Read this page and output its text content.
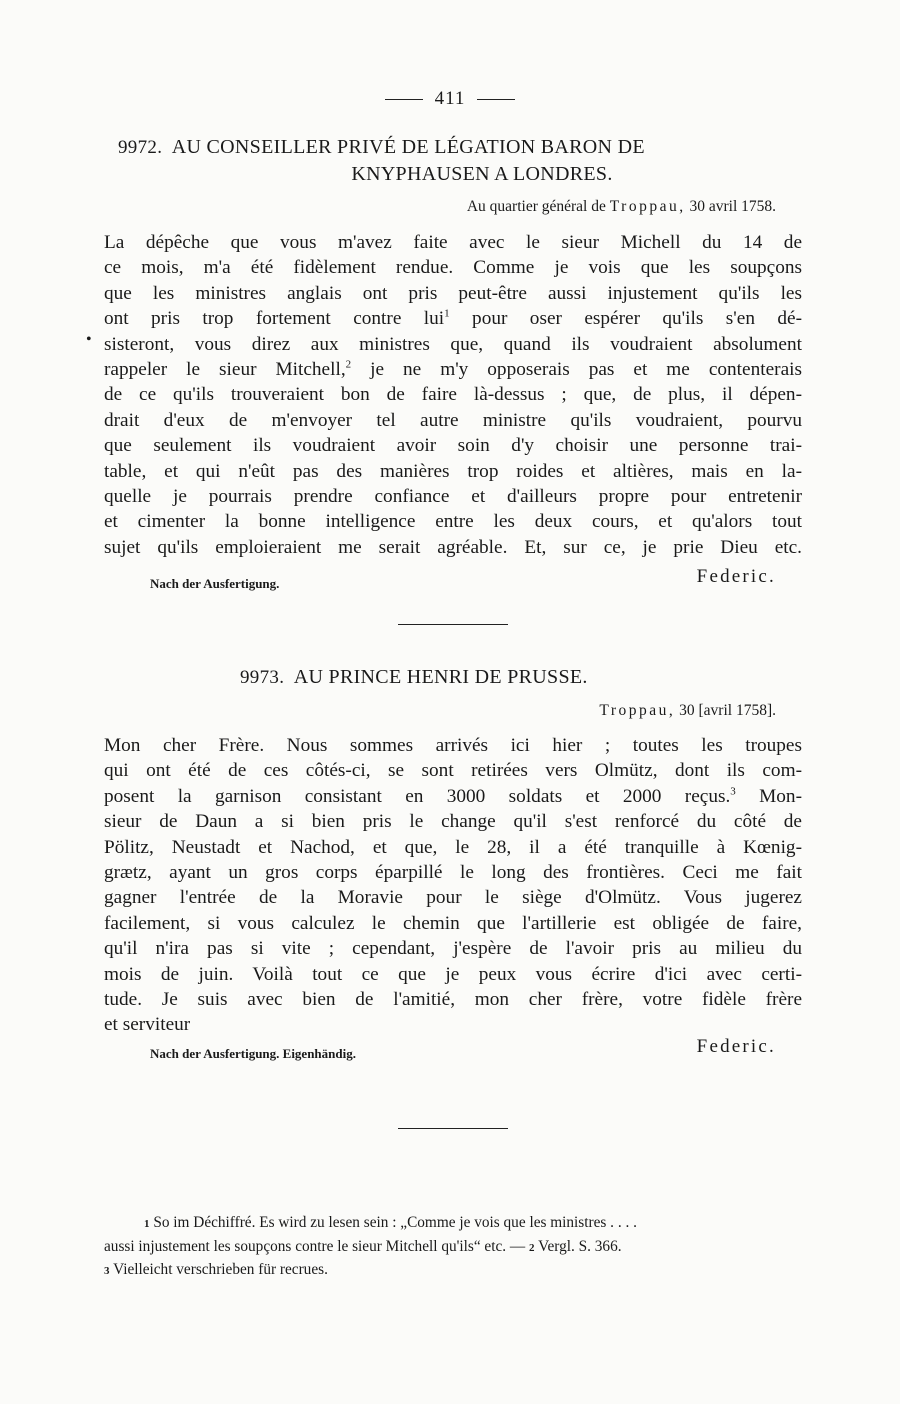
411
9972. AU CONSEILLER PRIVÉ DE LÉGATION BARON DE
KNYPHAUSEN A LONDRES.
Au quartier général de Troppau, 30 avril 1758.
•
La dépêche que vous m'avez faite avec le sieur Michell du 14 de
ce mois, m'a été fidèlement rendue. Comme je vois que les soupçons
que les ministres anglais ont pris peut-être aussi injustement qu'ils les
ont pris trop fortement contre lui$^1$ pour oser espérer qu'ils s'en dé-
sisteront, vous direz aux ministres que, quand ils voudraient absolument
rappeler le sieur Mitchell,$^2$ je ne m'y opposerais pas et me contenterais
de ce qu'ils trouveraient bon de faire là-dessus ; que, de plus, il dépen-
drait d'eux de m'envoyer tel autre ministre qu'ils voudraient, pourvu
que seulement ils voudraient avoir soin d'y choisir une personne trai-
table, et qui n'eût pas des manières trop roides et altières, mais en la-
quelle je pourrais prendre confiance et d'ailleurs propre pour entretenir
et cimenter la bonne intelligence entre les deux cours, et qu'alors tout
sujet qu'ils emploieraient me serait agréable. Et, sur ce, je prie Dieu etc.
Nach der Ausfertigung.	Federic.
9973. AU PRINCE HENRI DE PRUSSE.
Troppau, 30 [avril 1758].
Mon cher Frère. Nous sommes arrivés ici hier ; toutes les troupes
qui ont été de ces côtés-ci, se sont retirées vers Olmütz, dont ils com-
posent la garnison consistant en 3000 soldats et 2000 reçus.$^3$ Mon-
sieur de Daun a si bien pris le change qu'il s'est renforcé du côté de
Pölitz, Neustadt et Nachod, et que, le 28, il a été tranquille à Kœnig-
grætz, ayant un gros corps éparpillé le long des frontières. Ceci me fait
gagner l'entrée de la Moravie pour le siège d'Olmütz. Vous jugerez
facilement, si vous calculez le chemin que l'artillerie est obligée de faire,
qu'il n'ira pas si vite ; cependant, j'espère de l'avoir pris au milieu du
mois de juin. Voilà tout ce que je peux vous écrire d'ici avec certi-
tude. Je suis avec bien de l'amitié, mon cher frère, votre fidèle frère
et serviteur
Nach der Ausfertigung. Eigenhändig.	Federic.
1 So im Déchiffré. Es wird zu lesen sein : „Comme je vois que les ministres . . . .
aussi injustement les soupçons contre le sieur Mitchell qu'ils“ etc. — 2 Vergl. S. 366.
3 Vielleicht verschrieben für recrues.
